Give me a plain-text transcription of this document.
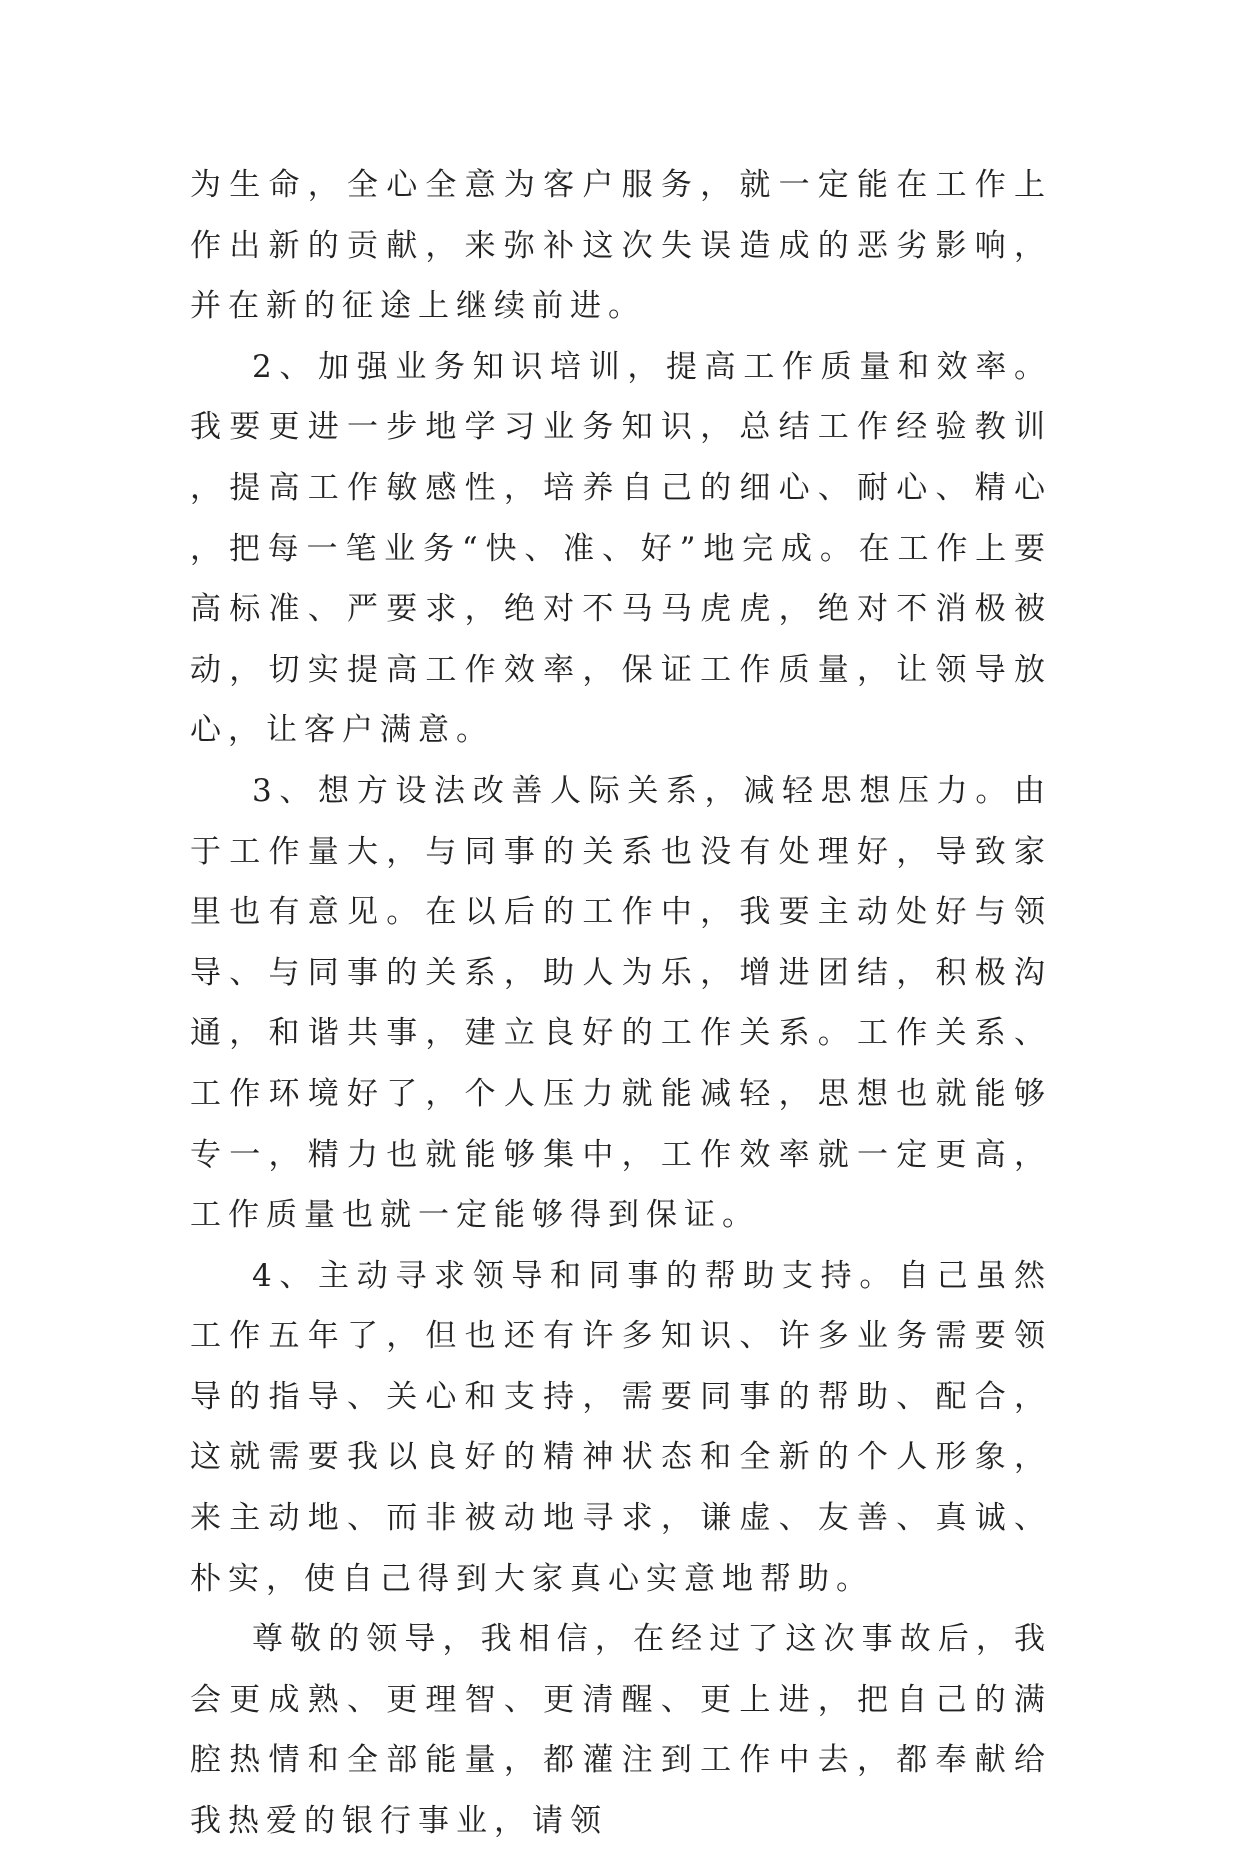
为生命，全心全意为客户服务，就一定能在工作上作出新的贡献，来弥补这次失误造成的恶劣影响，并在新的征途上继续前进。

2、加强业务知识培训，提高工作质量和效率。我要更进一步地学习业务知识，总结工作经验教训，提高工作敏感性，培养自己的细心、耐心、精心，把每一笔业务“快、准、好”地完成。在工作上要高标准、严要求，绝对不马马虎虎，绝对不消极被动，切实提高工作效率，保证工作质量，让领导放心，让客户满意。

3、想方设法改善人际关系，减轻思想压力。由于工作量大，与同事的关系也没有处理好，导致家里也有意见。在以后的工作中，我要主动处好与领导、与同事的关系，助人为乐，增进团结，积极沟通，和谐共事，建立良好的工作关系。工作关系、工作环境好了，个人压力就能减轻，思想也就能够专一，精力也就能够集中，工作效率就一定更高，工作质量也就一定能够得到保证。

4、主动寻求领导和同事的帮助支持。自己虽然工作五年了，但也还有许多知识、许多业务需要领导的指导、关心和支持，需要同事的帮助、配合，这就需要我以良好的精神状态和全新的个人形象，来主动地、而非被动地寻求，谦虚、友善、真诚、朴实，使自己得到大家真心实意地帮助。

尊敬的领导，我相信，在经过了这次事故后，我会更成熟、更理智、更清醒、更上进，把自己的满腔热情和全部能量，都灌注到工作中去，都奉献给我热爱的银行事业，请领
